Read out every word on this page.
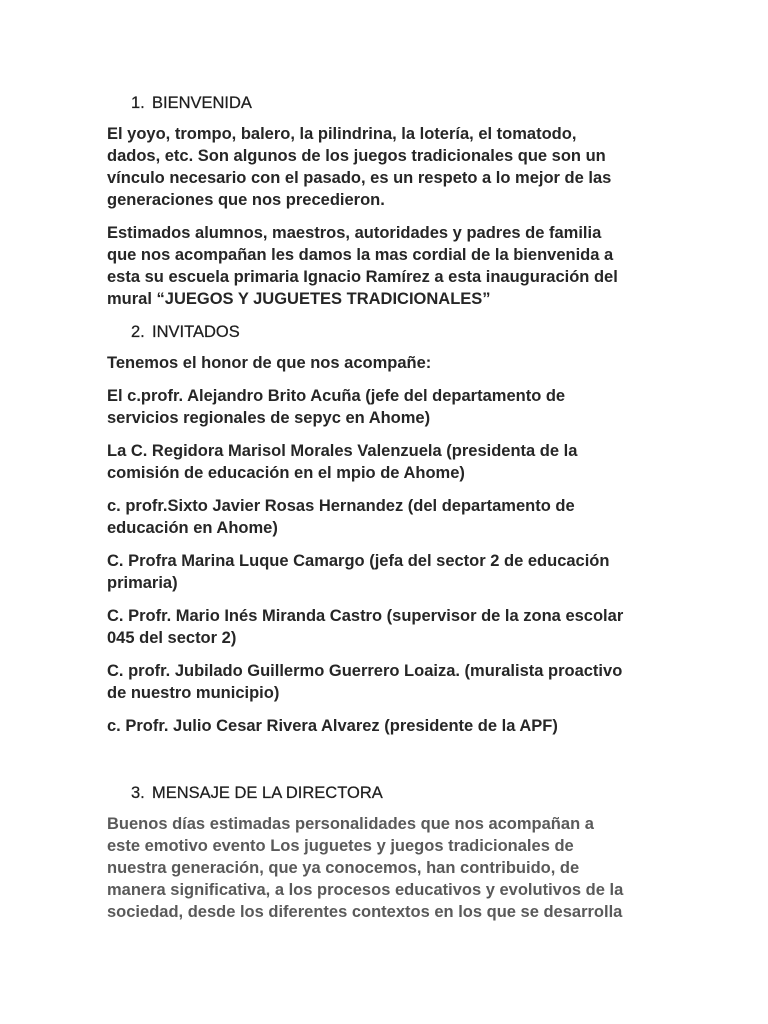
1. BIENVENIDA

El yoyo, trompo, balero, la pilindrina, la lotería, el tomatodo,
dados, etc. Son algunos de los juegos tradicionales que son un
vínculo necesario con el pasado, es un respeto a lo mejor de las
generaciones que nos precedieron.

Estimados alumnos, maestros, autoridades y padres de familia
que nos acompañan les damos la mas cordial de la bienvenida a
esta su escuela primaria Ignacio Ramírez a esta inauguración del
mural “JUEGOS Y JUGUETES TRADICIONALES”

2. INVITADOS

Tenemos el honor de que nos acompañe:

El c.profr. Alejandro Brito Acuña (jefe del departamento de
servicios regionales de sepyc en Ahome)

La C. Regidora Marisol Morales Valenzuela (presidenta de la
comisión de educación en el mpio de Ahome)

c. profr.Sixto Javier Rosas Hernandez (del departamento de
educación en Ahome)

C. Profra Marina Luque Camargo (jefa del sector 2 de educación
primaria)

C. Profr. Mario Inés Miranda Castro (supervisor de la zona escolar
045 del sector 2)

C. profr. Jubilado Guillermo Guerrero Loaiza. (muralista proactivo
de nuestro municipio)

c. Profr. Julio Cesar Rivera Alvarez (presidente de la APF)

3. MENSAJE DE LA DIRECTORA

Buenos días estimadas personalidades que nos acompañan a
este emotivo evento Los juguetes y juegos tradicionales de
nuestra generación, que ya conocemos, han contribuido, de
manera significativa, a los procesos educativos y evolutivos de la
sociedad, desde los diferentes contextos en los que se desarrolla
